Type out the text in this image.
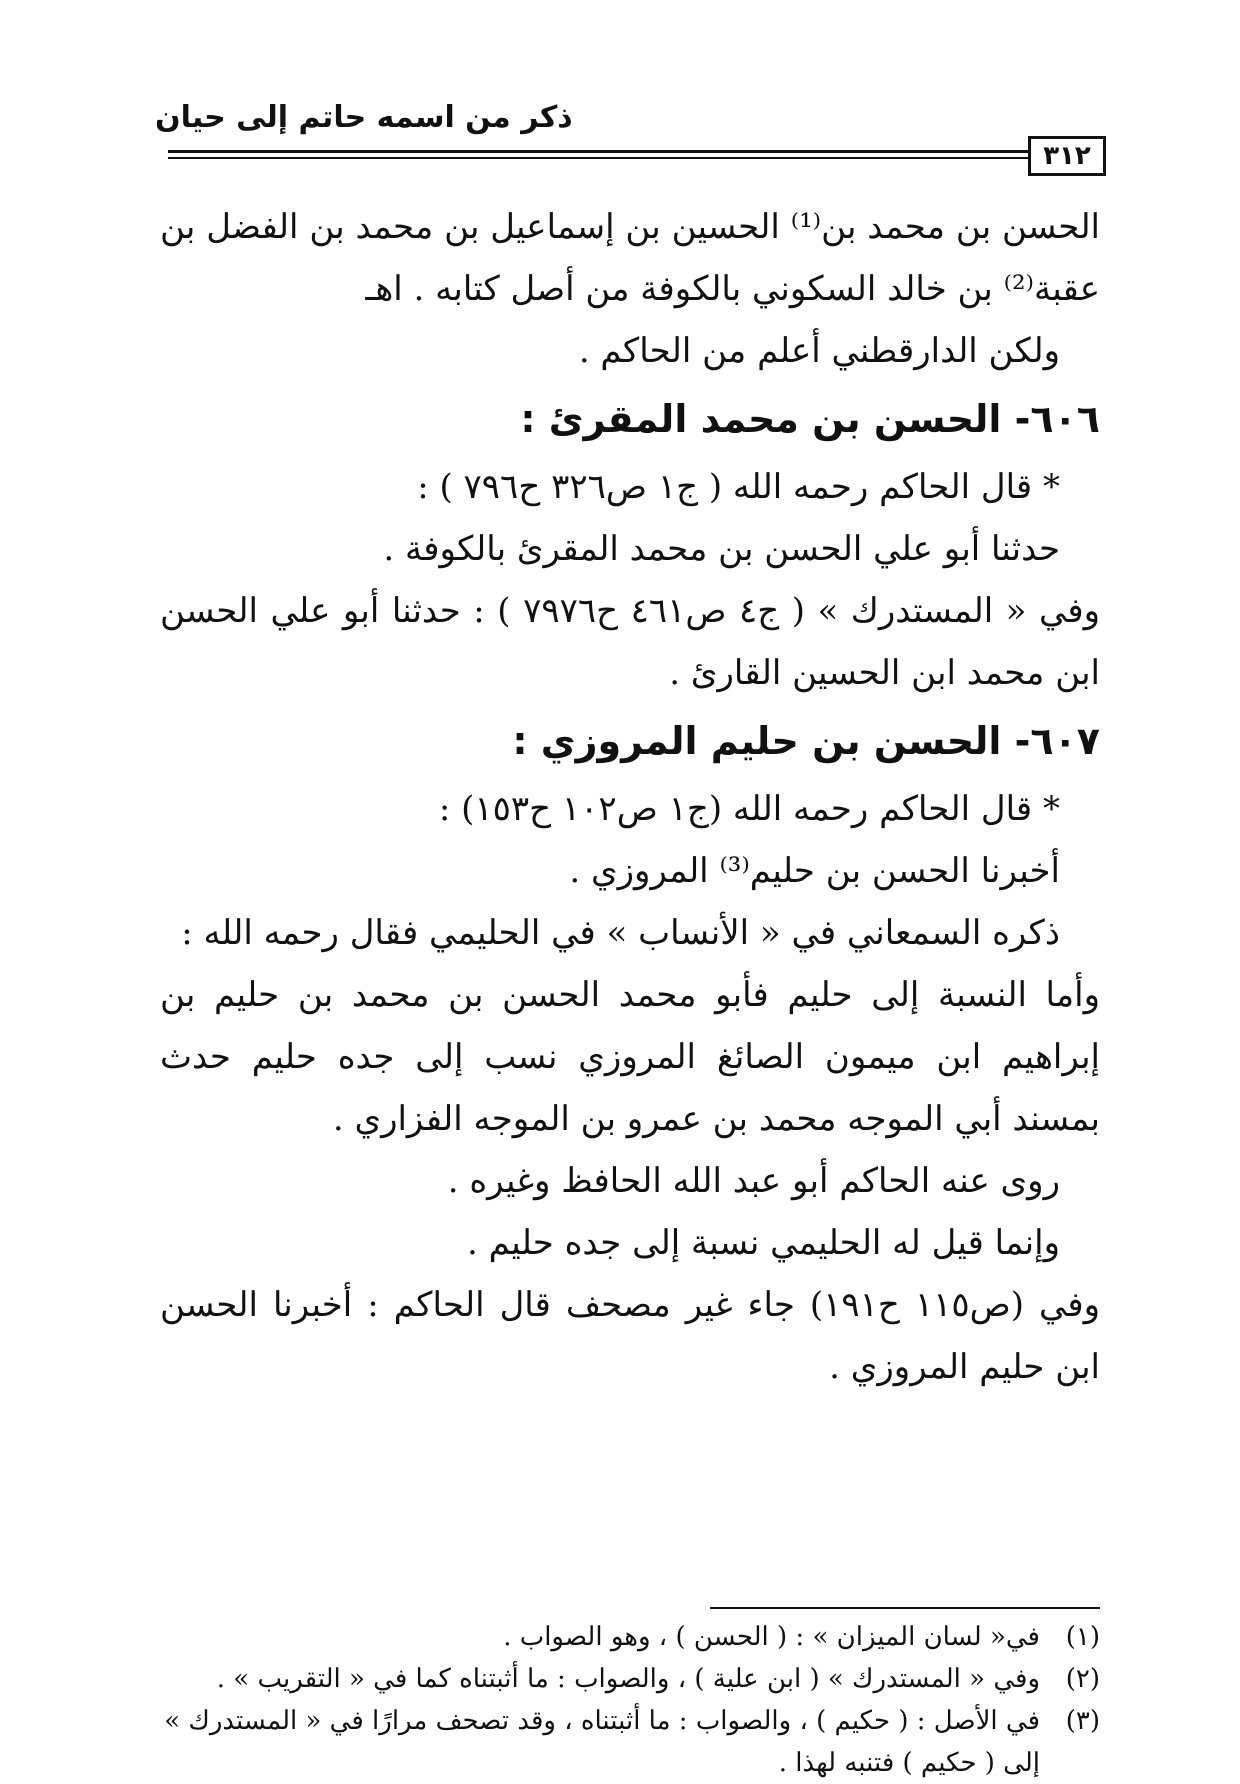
ذكر من اسمه حاتم إلى حيان
٣١٢

الحسن بن محمد بن⁽¹⁾ الحسين بن إسماعيل بن محمد بن الفضل بن عقبة⁽²⁾ بن خالد السكوني بالكوفة من أصل كتابه . اهـ

ولكن الدارقطني أعلم من الحاكم .

٦٠٦- الحسن بن محمد المقرئ :

* قال الحاكم رحمه الله ( ج١ ص٣٢٦ ح٧٩٦ ) :

حدثنا أبو علي الحسن بن محمد المقرئ بالكوفة .

وفي « المستدرك » ( ج٤ ص٤٦١ ح٧٩٧٦ ) : حدثنا أبو علي الحسن ابن محمد ابن الحسين القارئ .

٦٠٧- الحسن بن حليم المروزي :

* قال الحاكم رحمه الله (ج١ ص١٠٢ ح١٥٣) :

أخبرنا الحسن بن حليم⁽³⁾ المروزي .

ذكره السمعاني في « الأنساب » في الحليمي فقال رحمه الله :

وأما النسبة إلى حليم فأبو محمد الحسن بن محمد بن حليم بن إبراهيم ابن ميمون الصائغ المروزي نسب إلى جده حليم حدث بمسند أبي الموجه محمد بن عمرو بن الموجه الفزاري .

روى عنه الحاكم أبو عبد الله الحافظ وغيره .

وإنما قيل له الحليمي نسبة إلى جده حليم .

وفي (ص١١٥ ح١٩١) جاء غير مصحف قال الحاكم : أخبرنا الحسن ابن حليم المروزي .

(١)
في« لسان الميزان » : ( الحسن ) ، وهو الصواب .
(٢)
وفي « المستدرك » ( ابن علية ) ، والصواب : ما أثبتناه كما في « التقريب » .
(٣)
في الأصل : ( حكيم ) ، والصواب : ما أثبتناه ، وقد تصحف مرارًا في « المستدرك » إلى ( حكيم ) فتنبه لهذا .
